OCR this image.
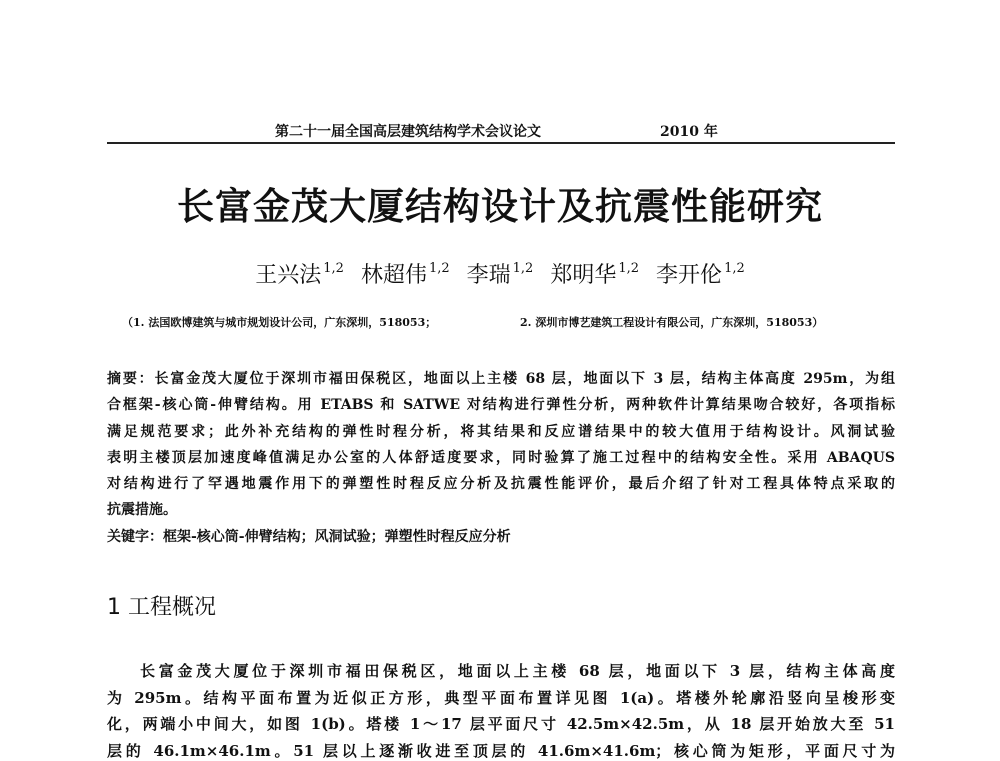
第二十一届全国高层建筑结构学术会议论文	2010 年
长富金茂大厦结构设计及抗震性能研究
王兴法 $^{1,2}$ 林超伟 $^{1,2}$ 李瑞 $^{1,2}$ 郑明华 $^{1,2}$ 李开伦 $^{1,2}$
（1. 法国欧博建筑与城市规划设计公司，广东深圳，518053；	2. 深圳市博艺建筑工程设计有限公司，广东深圳，518053）
摘要：长富金茂大厦位于深圳市福田保税区，地面以上主楼 68 层，地面以下 3 层，结构主体高度 295m，为组
合框架-核心筒-伸臂结构。用 ETABS 和 SATWE 对结构进行弹性分析，两种软件计算结果吻合较好，各项指标
满足规范要求；此外补充结构的弹性时程分析，将其结果和反应谱结果中的较大值用于结构设计。风洞试验
表明主楼顶层加速度峰值满足办公室的人体舒适度要求，同时验算了施工过程中的结构安全性。采用 ABAQUS
对结构进行了罕遇地震作用下的弹塑性时程反应分析及抗震性能评价，最后介绍了针对工程具体特点采取的
抗震措施。
关键字：框架-核心筒-伸臂结构；风洞试验；弹塑性时程反应分析
1 工程概况
长富金茂大厦位于深圳市福田保税区，地面以上主楼 68 层，地面以下 3 层，结构主体高度
为 295m。结构平面布置为近似正方形，典型平面布置详见图 1(a)。塔楼外轮廓沿竖向呈梭形变
化，两端小中间大，如图 1(b)。塔楼 1～17 层平面尺寸 42.5m×42.5m，从 18 层开始放大至 51
层的 46.1m×46.1m。51 层以上逐渐收进至顶层的 41.6m×41.6m；核心筒为矩形，平面尺寸为
